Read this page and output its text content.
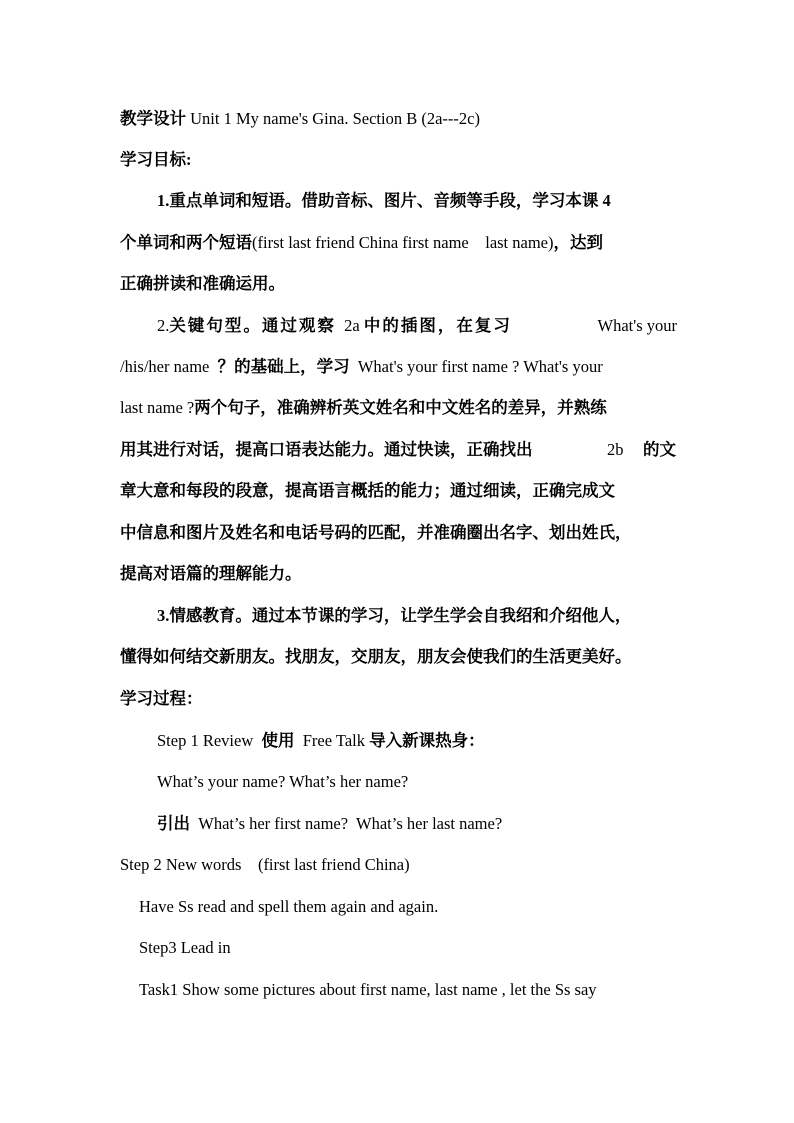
教学设计 Unit 1 My name's Gina. Section B (2a---2c)
学习目标:
1.重点单词和短语。借助音标、图片、音频等手段，学习本课 4
个单词和两个短语(first last friend China first name    last name)，达到
正确拼读和准确运用。
2.关键句型。通过观察 2a 中的插图，在复习	What's your
/his/her name ？的基础上，学习 What's your first name ? What's your
last name ?两个句子，准确辨析英文姓名和中文姓名的差异，并熟练
用其进行对话，提高口语表达能力。通过快读，正确找出	2b 的文
章大意和每段的段意，提高语言概括的能力；通过细读，正确完成文
中信息和图片及姓名和电话号码的匹配，并准确圈出名字、划出姓氏，
提高对语篇的理解能力。
3.情感教育。通过本节课的学习，让学生学会自我绍和介绍他人，
懂得如何结交新朋友。找朋友，交朋友，朋友会使我们的生活更美好。
学习过程：
Step 1 Review 使用 Free Talk 导入新课热身：
What’s your name? What’s her name?
引出 What’s her first name?  What’s her last name?
Step 2 New words    (first last friend China)
Have Ss read and spell them again and again.
Step3 Lead in
Task1 Show some pictures about first name, last name , let the Ss say
